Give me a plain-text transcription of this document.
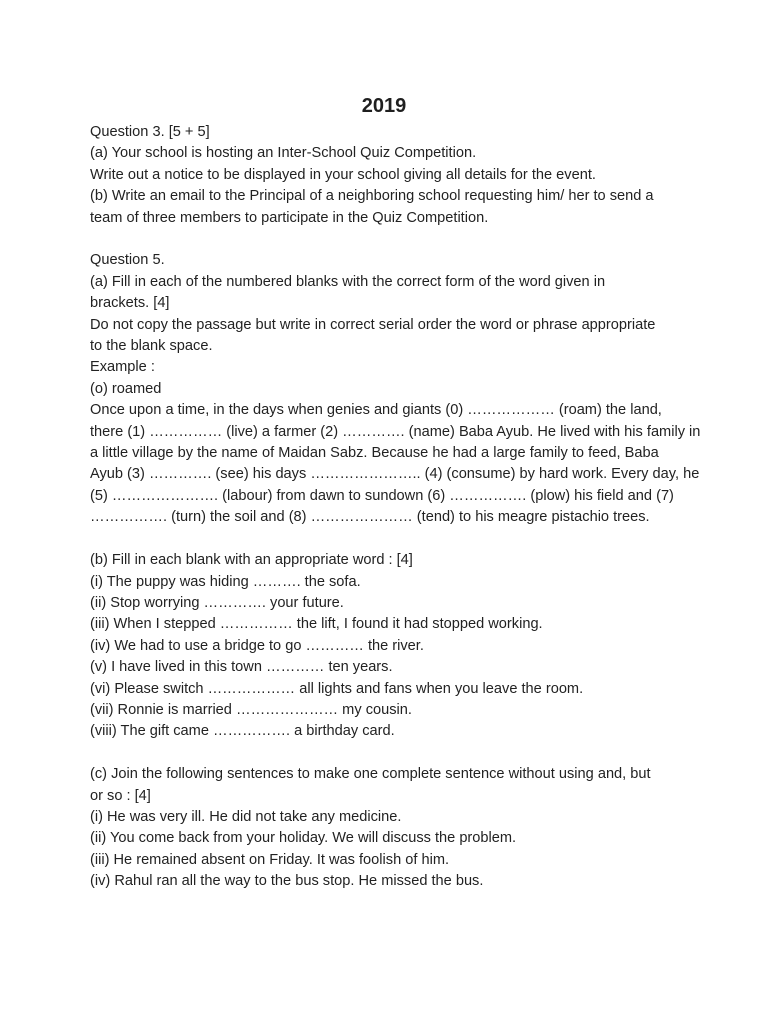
2019
Question 3. [5 + 5]
(a) Your school is hosting an Inter-School Quiz Competition.
Write out a notice to be displayed in your school giving all details for the event.
(b) Write an email to the Principal of a neighboring school requesting him/ her to send a
team of three members to participate in the Quiz Competition.
Question 5.
(a) Fill in each of the numbered blanks with the correct form of the word given in
brackets. [4]
Do not copy the passage but write in correct serial order the word or phrase appropriate
to the blank space.
Example :
(o) roamed
Once upon a time, in the days when genies and giants (0) ……………… (roam) the land,
there (1) …………… (live) a farmer (2) …………. (name) Baba Ayub. He lived with his family in
a little village by the name of Maidan Sabz. Because he had a large family to feed, Baba
Ayub (3) …………. (see) his days ………………….. (4) (consume) by hard work. Every day, he
(5) …………………. (labour) from dawn to sundown (6) ……………. (plow) his field and (7)
……………. (turn) the soil and (8) ………………… (tend) to his meagre pistachio trees.
(b) Fill in each blank with an appropriate word : [4]
(i) The puppy was hiding ………. the sofa.
(ii) Stop worrying …………. your future.
(iii) When I stepped …………… the lift, I found it had stopped working.
(iv) We had to use a bridge to go ………… the river.
(v) I have lived in this town ………… ten years.
(vi) Please switch ……………… all lights and fans when you leave the room.
(vii) Ronnie is married ………………… my cousin.
(viii) The gift came ……………. a birthday card.
(c) Join the following sentences to make one complete sentence without using and, but
or so : [4]
(i) He was very ill. He did not take any medicine.
(ii) You come back from your holiday. We will discuss the problem.
(iii) He remained absent on Friday. It was foolish of him.
(iv) Rahul ran all the way to the bus stop. He missed the bus.
